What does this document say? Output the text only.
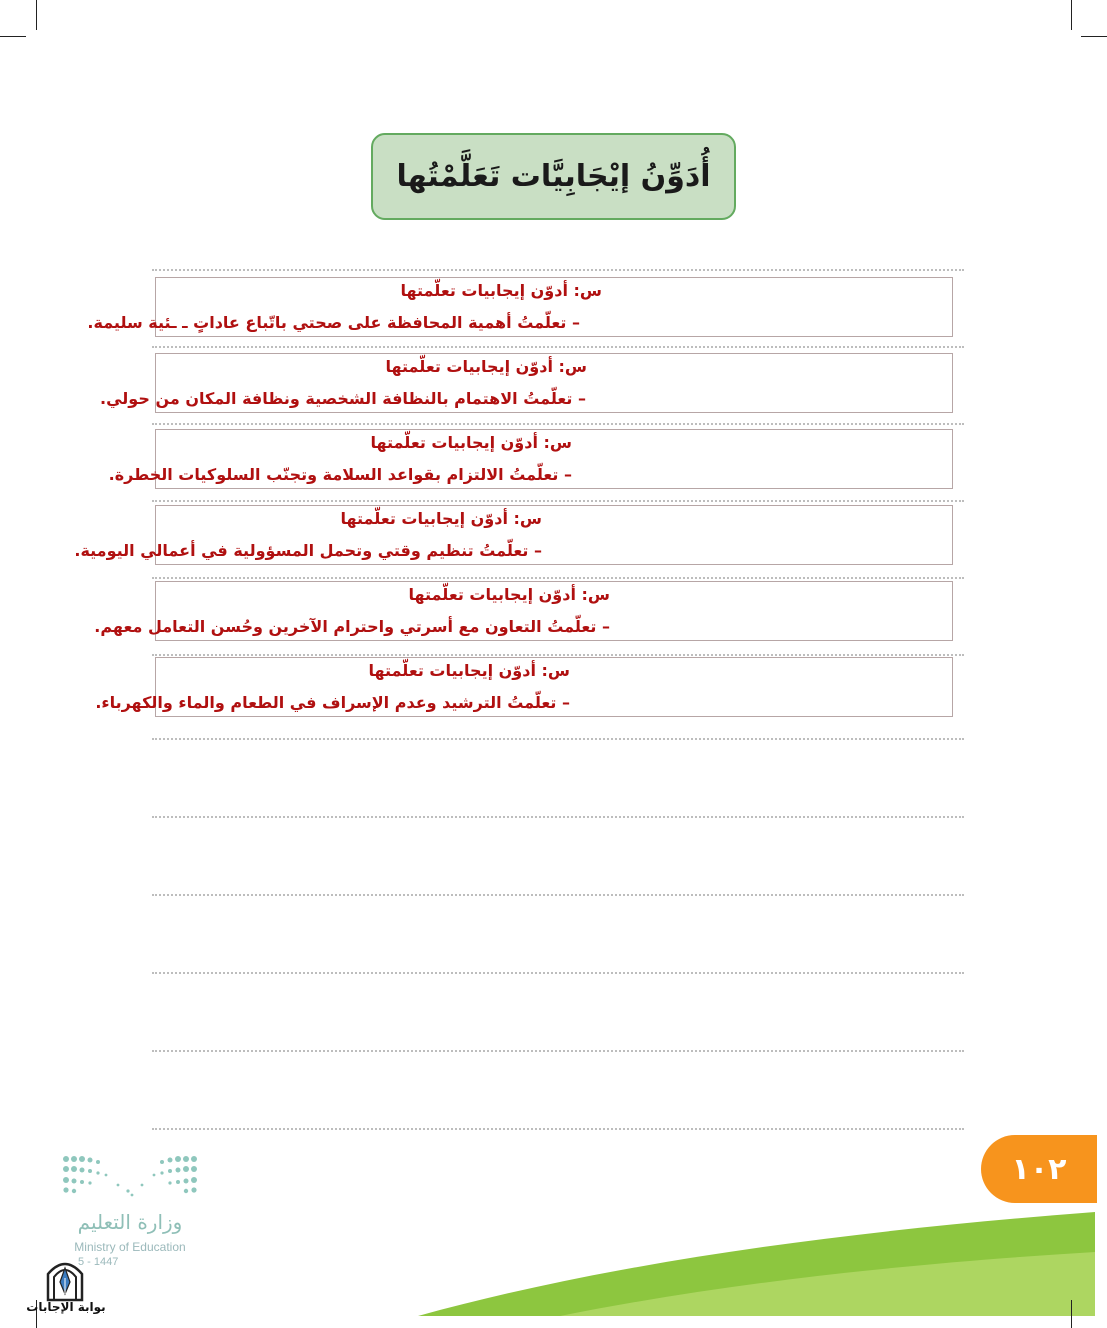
أُدَوِّنُ إيْجَابِيَّات تَعَلَّمْتُها
س: أدوّن إيجابيات تعلّمتها
– تعلّمتُ أهمية المحافظة على صحتي باتّباع عاداتٍ ـ ـئية سليمة.
س: أدوّن إيجابيات تعلّمتها
– تعلّمتُ الاهتمام بالنظافة الشخصية ونظافة المكان من حولي.
س: أدوّن إيجابيات تعلّمتها
– تعلّمتُ الالتزام بقواعد السلامة وتجنّب السلوكيات الخطرة.
س: أدوّن إيجابيات تعلّمتها
– تعلّمتُ تنظيم وقتي وتحمل المسؤولية في أعمالي اليومية.
س: أدوّن إيجابيات تعلّمتها
– تعلّمتُ التعاون مع أسرتي واحترام الآخرين وحُسن التعامل معهم.
س: أدوّن إيجابيات تعلّمتها
– تعلّمتُ الترشيد وعدم الإسراف في الطعام والماء والكهرباء.
١٠٢
وزارة التعليم
Ministry of Education
5 - 1447
بوابة الإجابات
